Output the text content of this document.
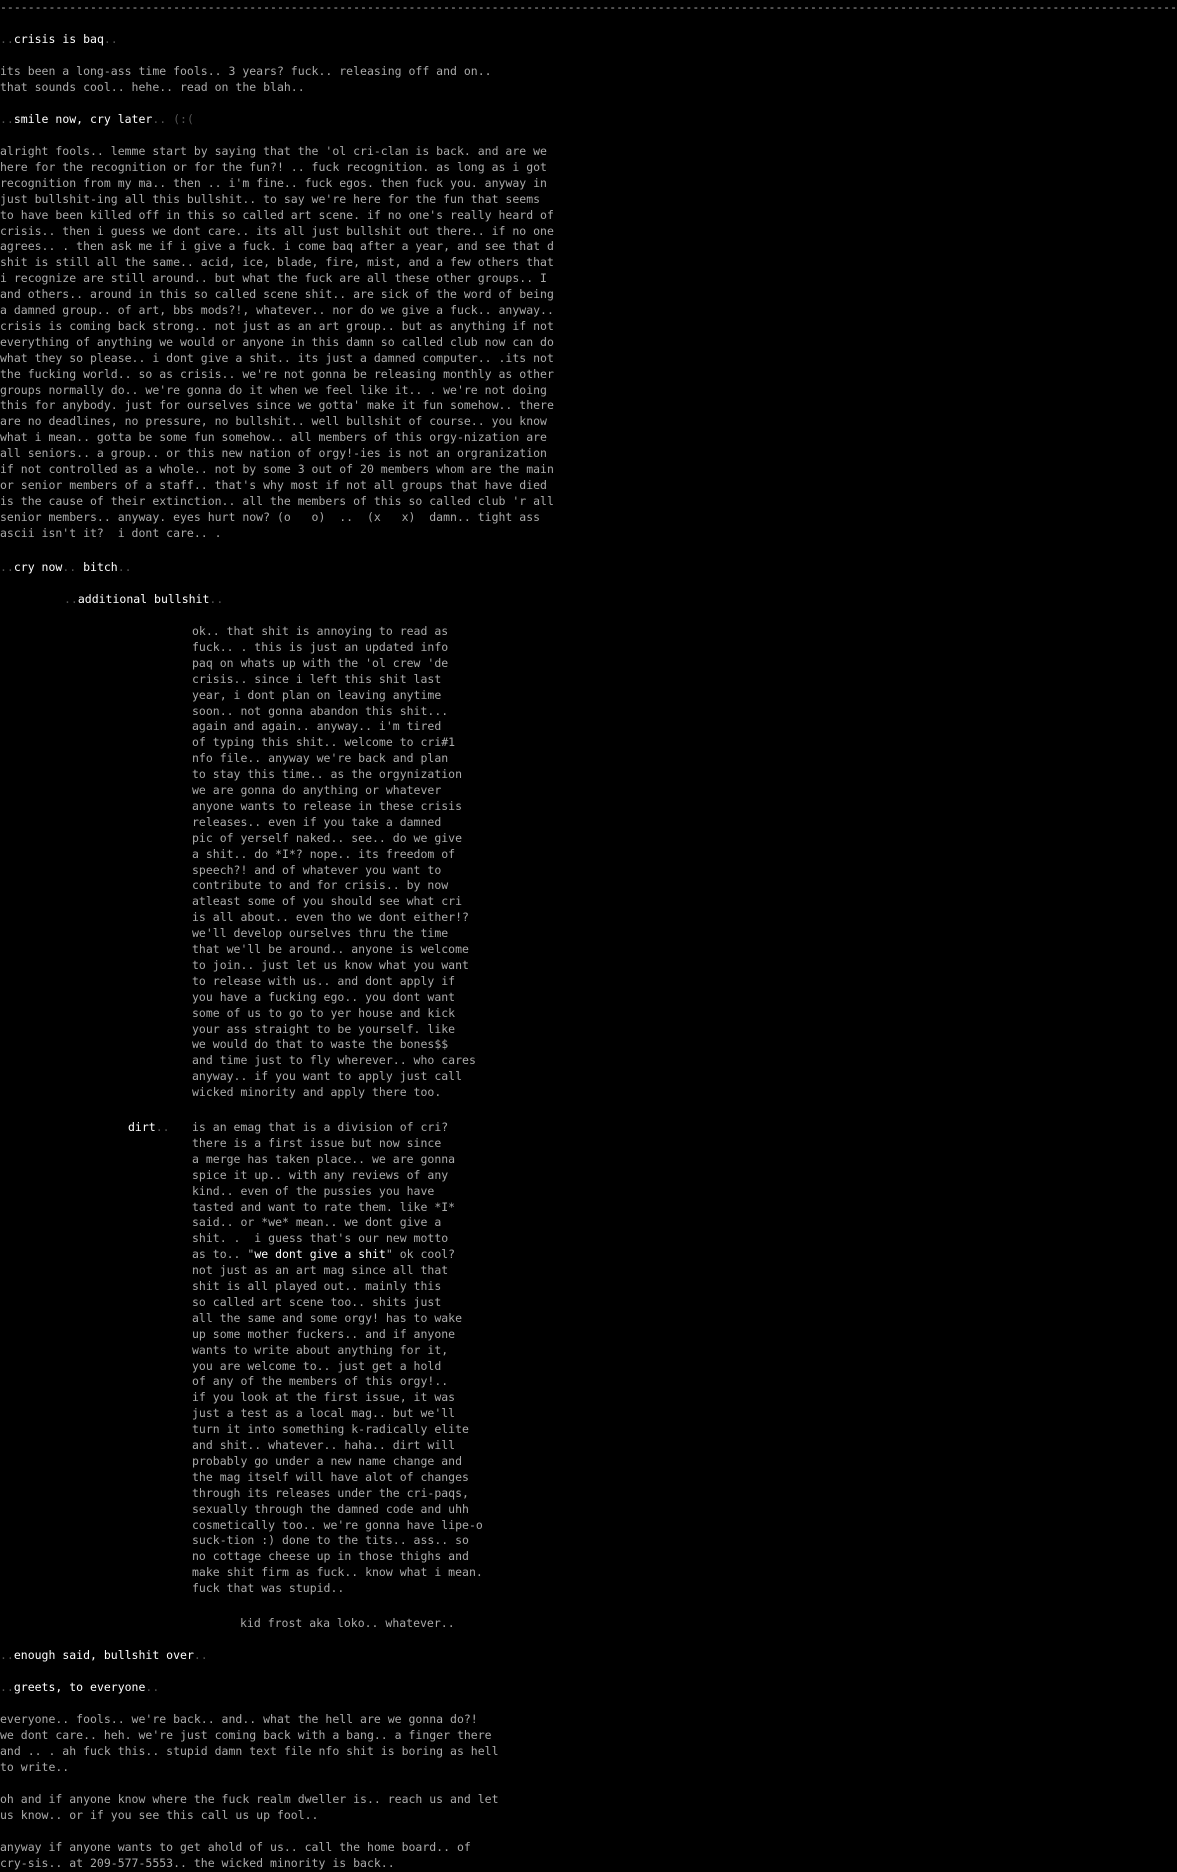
--------------------------------------------------------------------------------------------------------------------------------------------------------------------------
..crisis is baq..
its been a long-ass time fools.. 3 years? fuck.. releasing off and on..
that sounds cool.. hehe.. read on the blah..
..smile now, cry later.. (:(
alright fools.. lemme start by saying that the 'ol cri-clan is back. and are we
here for the recognition or for the fun?! .. fuck recognition. as long as i got
recognition from my ma.. then .. i'm fine.. fuck egos. then fuck you. anyway in
just bullshit-ing all this bullshit.. to say we're here for the fun that seems
to have been killed off in this so called art scene. if no one's really heard of
crisis.. then i guess we dont care.. its all just bullshit out there.. if no one
agrees.. . then ask me if i give a fuck. i come baq after a year, and see that d
shit is still all the same.. acid, ice, blade, fire, mist, and a few others that
i recognize are still around.. but what the fuck are all these other groups.. I
and others.. around in this so called scene shit.. are sick of the word of being
a damned group.. of art, bbs mods?!, whatever.. nor do we give a fuck.. anyway..
crisis is coming back strong.. not just as an art group.. but as anything if not
everything of anything we would or anyone in this damn so called club now can do
what they so please.. i dont give a shit.. its just a damned computer.. .its not
the fucking world.. so as crisis.. we're not gonna be releasing monthly as other
groups normally do.. we're gonna do it when we feel like it.. . we're not doing
this for anybody. just for ourselves since we gotta' make it fun somehow.. there
are no deadlines, no pressure, no bullshit.. well bullshit of course.. you know
what i mean.. gotta be some fun somehow.. all members of this orgy-nization are
all seniors.. a group.. or this new nation of orgy!-ies is not an orgranization
if not controlled as a whole.. not by some 3 out of 20 members whom are the main
or senior members of a staff.. that's why most if not all groups that have died
is the cause of their extinction.. all the members of this so called club 'r all
senior members.. anyway. eyes hurt now? (o   o)  ..  (x   x)  damn.. tight ass
ascii isn't it?  i dont care.. .
..cry now.. bitch..
..additional bullshit..
ok.. that shit is annoying to read as
fuck.. . this is just an updated info
paq on whats up with the 'ol crew 'de
crisis.. since i left this shit last
year, i dont plan on leaving anytime
soon.. not gonna abandon this shit...
again and again.. anyway.. i'm tired
of typing this shit.. welcome to cri#1
nfo file.. anyway we're back and plan
to stay this time.. as the orgynization
we are gonna do anything or whatever
anyone wants to release in these crisis
releases.. even if you take a damned
pic of yerself naked.. see.. do we give
a shit.. do *I*? nope.. its freedom of
speech?! and of whatever you want to
contribute to and for crisis.. by now
atleast some of you should see what cri
is all about.. even tho we dont either!?
we'll develop ourselves thru the time
that we'll be around.. anyone is welcome
to join.. just let us know what you want
to release with us.. and dont apply if
you have a fucking ego.. you dont want
some of us to go to yer house and kick
your ass straight to be yourself. like
we would do that to waste the bones$$
and time just to fly wherever.. who cares
anyway.. if you want to apply just call
wicked minority and apply there too.
dirt.. is an emag that is a division of cri?
there is a first issue but now since
a merge has taken place.. we are gonna
spice it up.. with any reviews of any
kind.. even of the pussies you have
tasted and want to rate them. like *I*
said.. or *we* mean.. we dont give a
shit. .  i guess that's our new motto
as to.. "we dont give a shit" ok cool?
not just as an art mag since all that
shit is all played out.. mainly this
so called art scene too.. shits just
all the same and some orgy! has to wake
up some mother fuckers.. and if anyone
wants to write about anything for it,
you are welcome to.. just get a hold
of any of the members of this orgy!..
if you look at the first issue, it was
just a test as a local mag.. but we'll
turn it into something k-radically elite
and shit.. whatever.. haha.. dirt will
probably go under a new name change and
the mag itself will have alot of changes
through its releases under the cri-paqs,
sexually through the damned code and uhh
cosmetically too.. we're gonna have lipe-o
suck-tion :) done to the tits.. ass.. so
no cottage cheese up in those thighs and
make shit firm as fuck.. know what i mean.
fuck that was stupid..
kid frost aka loko.. whatever..
..enough said, bullshit over..
..greets, to everyone..
everyone.. fools.. we're back.. and.. what the hell are we gonna do?!
we dont care.. heh. we're just coming back with a bang.. a finger there
and .. . ah fuck this.. stupid damn text file nfo shit is boring as hell
to write..
oh and if anyone know where the fuck realm dweller is.. reach us and let
us know.. or if you see this call us up fool..
anyway if anyone wants to get ahold of us.. call the home board.. of
cry-sis.. at 209-577-5553.. the wicked minority is back..
